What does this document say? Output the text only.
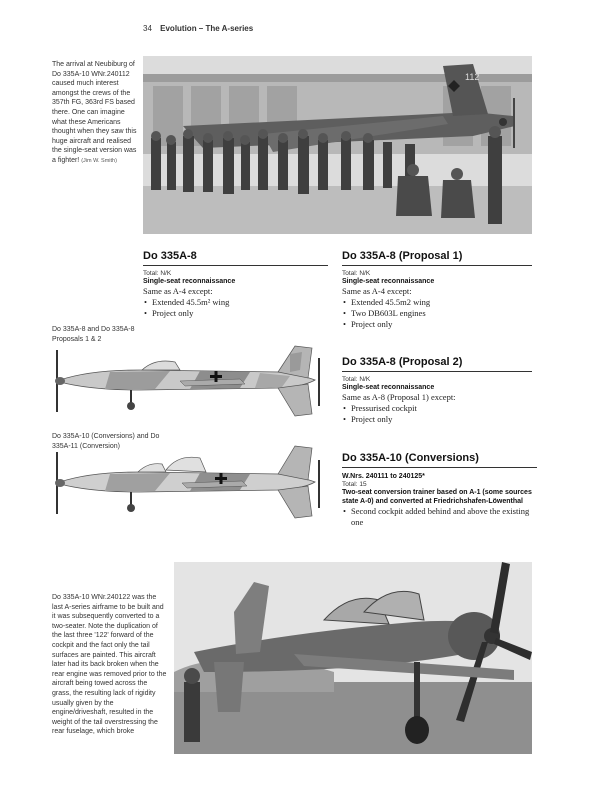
34 Evolution – The A-series
The arrival at Neubiburg of Do 335A-10 WNr.240112 caused much interest amongst the crews of the 357th FG, 363rd FS based there. One can imagine what these Americans thought when they saw this huge aircraft and realised the single-seat version was a fighter! (Jim W. Smith)
112
Do 335A-8
Total: N/K
Single-seat reconnaissance
Same as A-4 except:
• Extended 45.5m² wing
• Project only
Do 335A-8 (Proposal 1)
Total: N/K
Single-seat reconnaissance
Same as A-4 except:
• Extended 45.5m2 wing
• Two DB603L engines
• Project only
Do 335A-8 (Proposal 2)
Total: N/K
Single-seat reconnaissance
Same as A-8 (Proposal 1) except:
• Pressurised cockpit
• Project only
Do 335A-10 (Conversions)
W.Nrs. 240111 to 240125*
Total: 15
Two-seat conversion trainer based on A-1 (some sources state A-0) and converted at Friedrichshafen-Löwenthal
• Second cockpit added behind and above the existing one
Do 335A-8 and Do 335A-8 Proposals 1 & 2
Do 335A-10 (Conversions) and Do 335A-11 (Conversion)
Do 335A-10 WNr.240122 was the last A-series airframe to be built and it was subsequently converted to a two-seater. Note the duplication of the last three '122' forward of the cockpit and the fact only the tail surfaces are painted. This aircraft later had its back broken when the rear engine was removed prior to the aircraft being towed across the grass, the resulting lack of rigidity usually given by the engine/driveshaft, resulted in the weight of the tail overstressing the rear fuselage, which broke
